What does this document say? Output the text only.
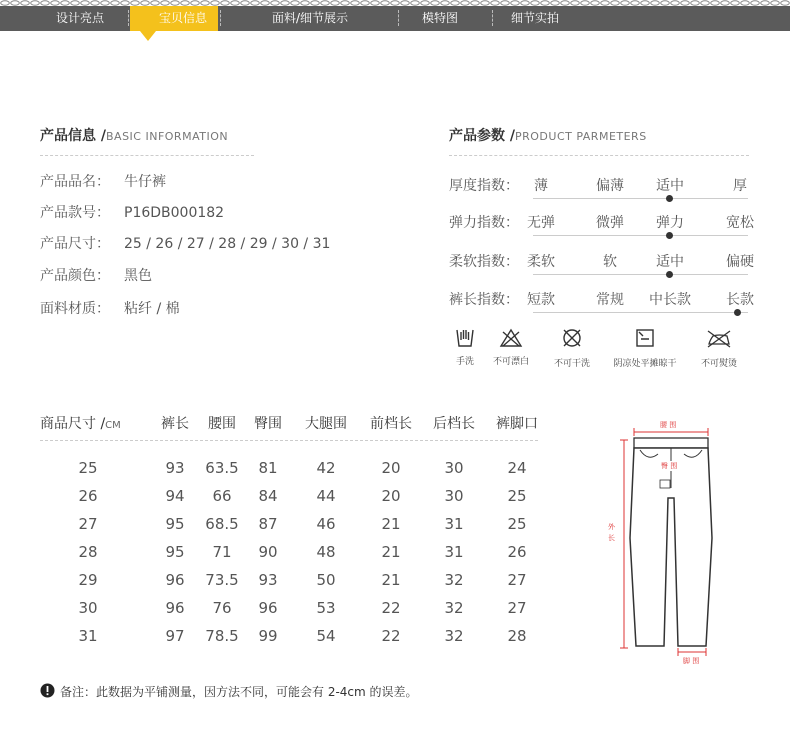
设计亮点	宝贝信息	面料/细节展示	模特图	细节实拍
产品信息 /BASIC INFORMATION
产品品名： 牛仔裤
产品款号： P16DB000182
产品尺寸： 25 / 26 / 27 / 28 / 29 / 30 / 31
产品颜色： 黑色
面料材质： 粘纤 / 棉
产品参数 /PRODUCT PARMETERS
厚度指数：	薄	偏薄	适中	厚
弹力指数： 无弹	微弹	弹力	宽松
柔软指数： 柔软	软	适中	偏硬
裤长指数： 短款	常规	中长款	长款
手洗	不可漂白	不可干洗	阴凉处平摊晾干	不可熨烫
商品尺寸 /CM	裤长	腰围	臀围	大腿围	前档长	后档长	裤脚口
25	93	63.5	81	42	20	30	24
26	94	66	84	44	20	30	25
27	95	68.5	87	46	21	31	25
28	95	71	90	48	21	31	26
29	96	73.5	93	50	21	32	27
30	96	76	96	53	22	32	27
31	97	78.5	99	54	22	32	28
腰 围
臀 围
外长
脚 围
备注：此数据为平铺测量，因方法不同，可能会有 2-4cm 的误差。
